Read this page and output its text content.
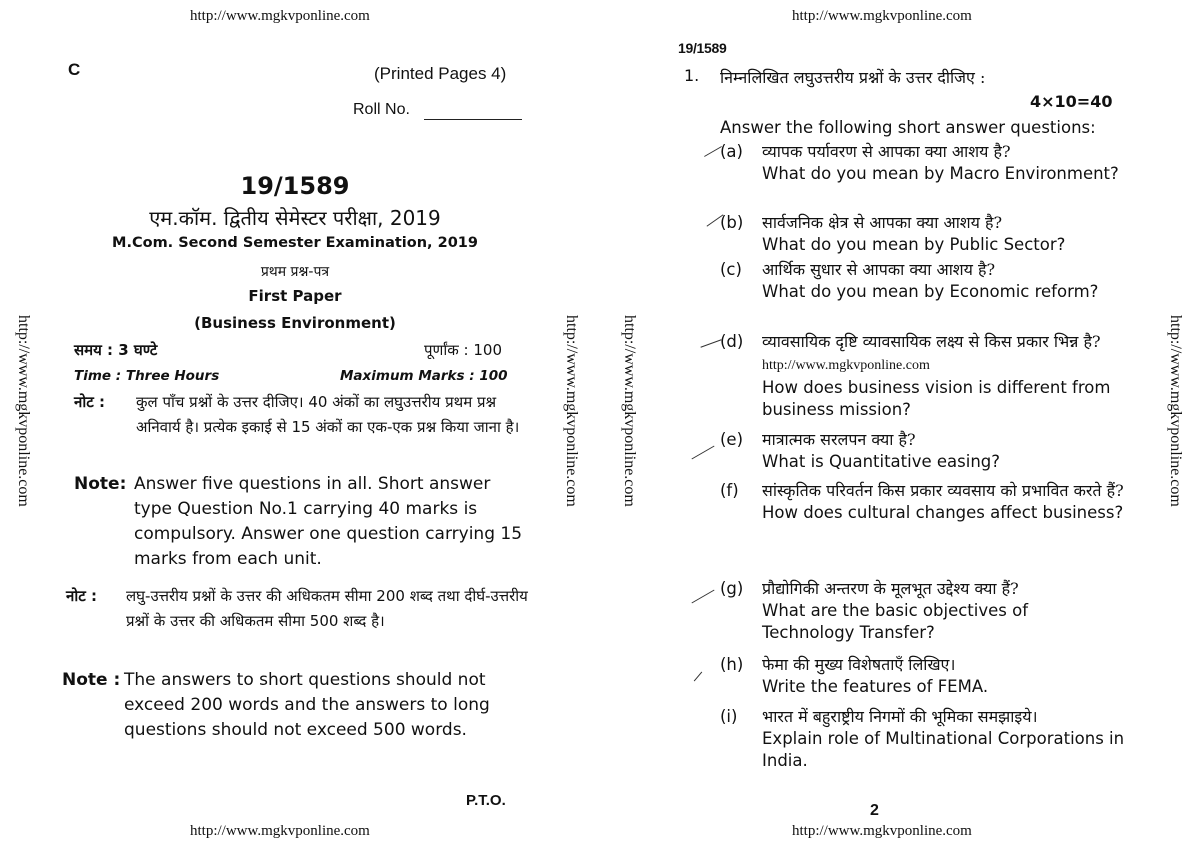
http://www.mgkvponline.com	http://www.mgkvponline.com
http://www.mgkvponline.com	http://www.mgkvponline.com	http://www.mgkvponline.com	http://www.mgkvponline.com
C	(Printed Pages 4)
Roll No.
19/1589
एम.कॉम. द्वितीय सेमेस्टर परीक्षा, 2019
M.Com. Second Semester Examination, 2019
प्रथम प्रश्न-पत्र
First Paper
(Business Environment)
समय : 3 घण्टे	पूर्णांक : 100
Time : Three Hours	Maximum Marks : 100
नोट :	कुल पाँच प्रश्नों के उत्तर दीजिए। 40 अंकों का लघुउत्तरीय प्रथम प्रश्न अनिवार्य है। प्रत्येक इकाई से 15 अंकों का एक-एक प्रश्न किया जाना है।
Note: Answer five questions in all. Short answer type Question No.1 carrying 40 marks is compulsory. Answer one question carrying 15 marks from each unit.
नोट :	लघु-उत्तरीय प्रश्नों के उत्तर की अधिकतम सीमा 200 शब्द तथा दीर्घ-उत्तरीय प्रश्नों के उत्तर की अधिकतम सीमा 500 शब्द है।
Note : The answers to short questions should not exceed 200 words and the answers to long questions should not exceed 500 words.
P.T.O.
19/1589
1. निम्नलिखित लघुउत्तरीय प्रश्नों के उत्तर दीजिए :
4×10=40
Answer the following short answer questions:
(a)	व्यापक पर्यावरण से आपका क्या आशय है?
What do you mean by Macro Environment?
(b)	सार्वजनिक क्षेत्र से आपका क्या आशय है?
What do you mean by Public Sector?
(c)	आर्थिक सुधार से आपका क्या आशय है?
What do you mean by Economic reform?
(d)	व्यावसायिक दृष्टि व्यावसायिक लक्ष्य से किस प्रकार भिन्न है? http://www.mgkvponline.com
How does business vision is different from business mission?
(e)	मात्रात्मक सरलपन क्या है?
What is Quantitative easing?
(f)	सांस्कृतिक परिवर्तन किस प्रकार व्यवसाय को प्रभावित करते हैं?
How does cultural changes affect business?
(g)	प्रौद्योगिकी अन्तरण के मूलभूत उद्देश्य क्या हैं?
What are the basic objectives of Technology Transfer?
(h)	फेमा की मुख्य विशेषताएँ लिखिए।
Write the features of FEMA.
(i)	भारत में बहुराष्ट्रीय निगमों की भूमिका समझाइये।
Explain role of Multinational Corporations in India.
2
http://www.mgkvponline.com	http://www.mgkvponline.com
